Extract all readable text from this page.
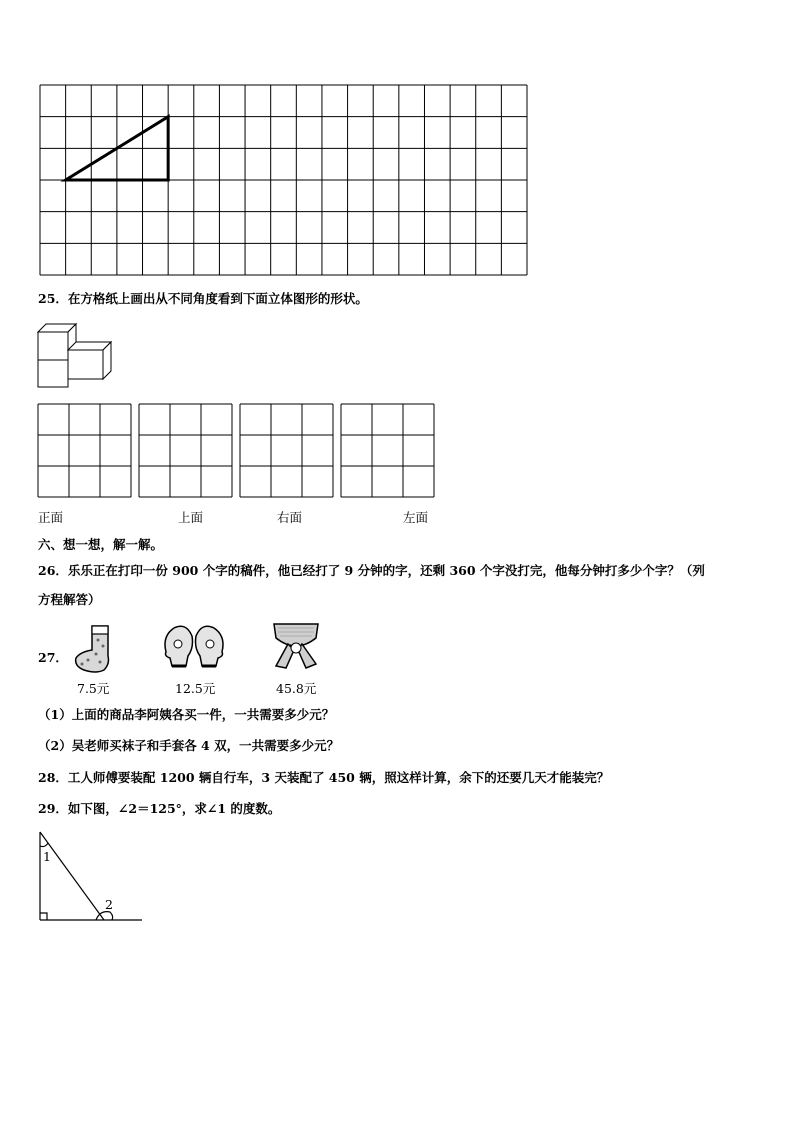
25．在方格纸上画出从不同角度看到下面立体图形的形状。
正面	上面	右面	左面
六、想一想，解一解。
26．乐乐正在打印一份 900 个字的稿件，他已经打了 9 分钟的字，还剩 360 个字没打完，他每分钟打多少个字？（列
方程解答）
27．
7.5元	12.5元	45.8元
（1）上面的商品李阿姨各买一件，一共需要多少元？
（2）吴老师买袜子和手套各 4 双，一共需要多少元？
28．工人师傅要装配 1200 辆自行车，3 天装配了 450 辆，照这样计算，余下的还要几天才能装完？
29．如下图，∠2＝125°，求∠1 的度数。
1
2
